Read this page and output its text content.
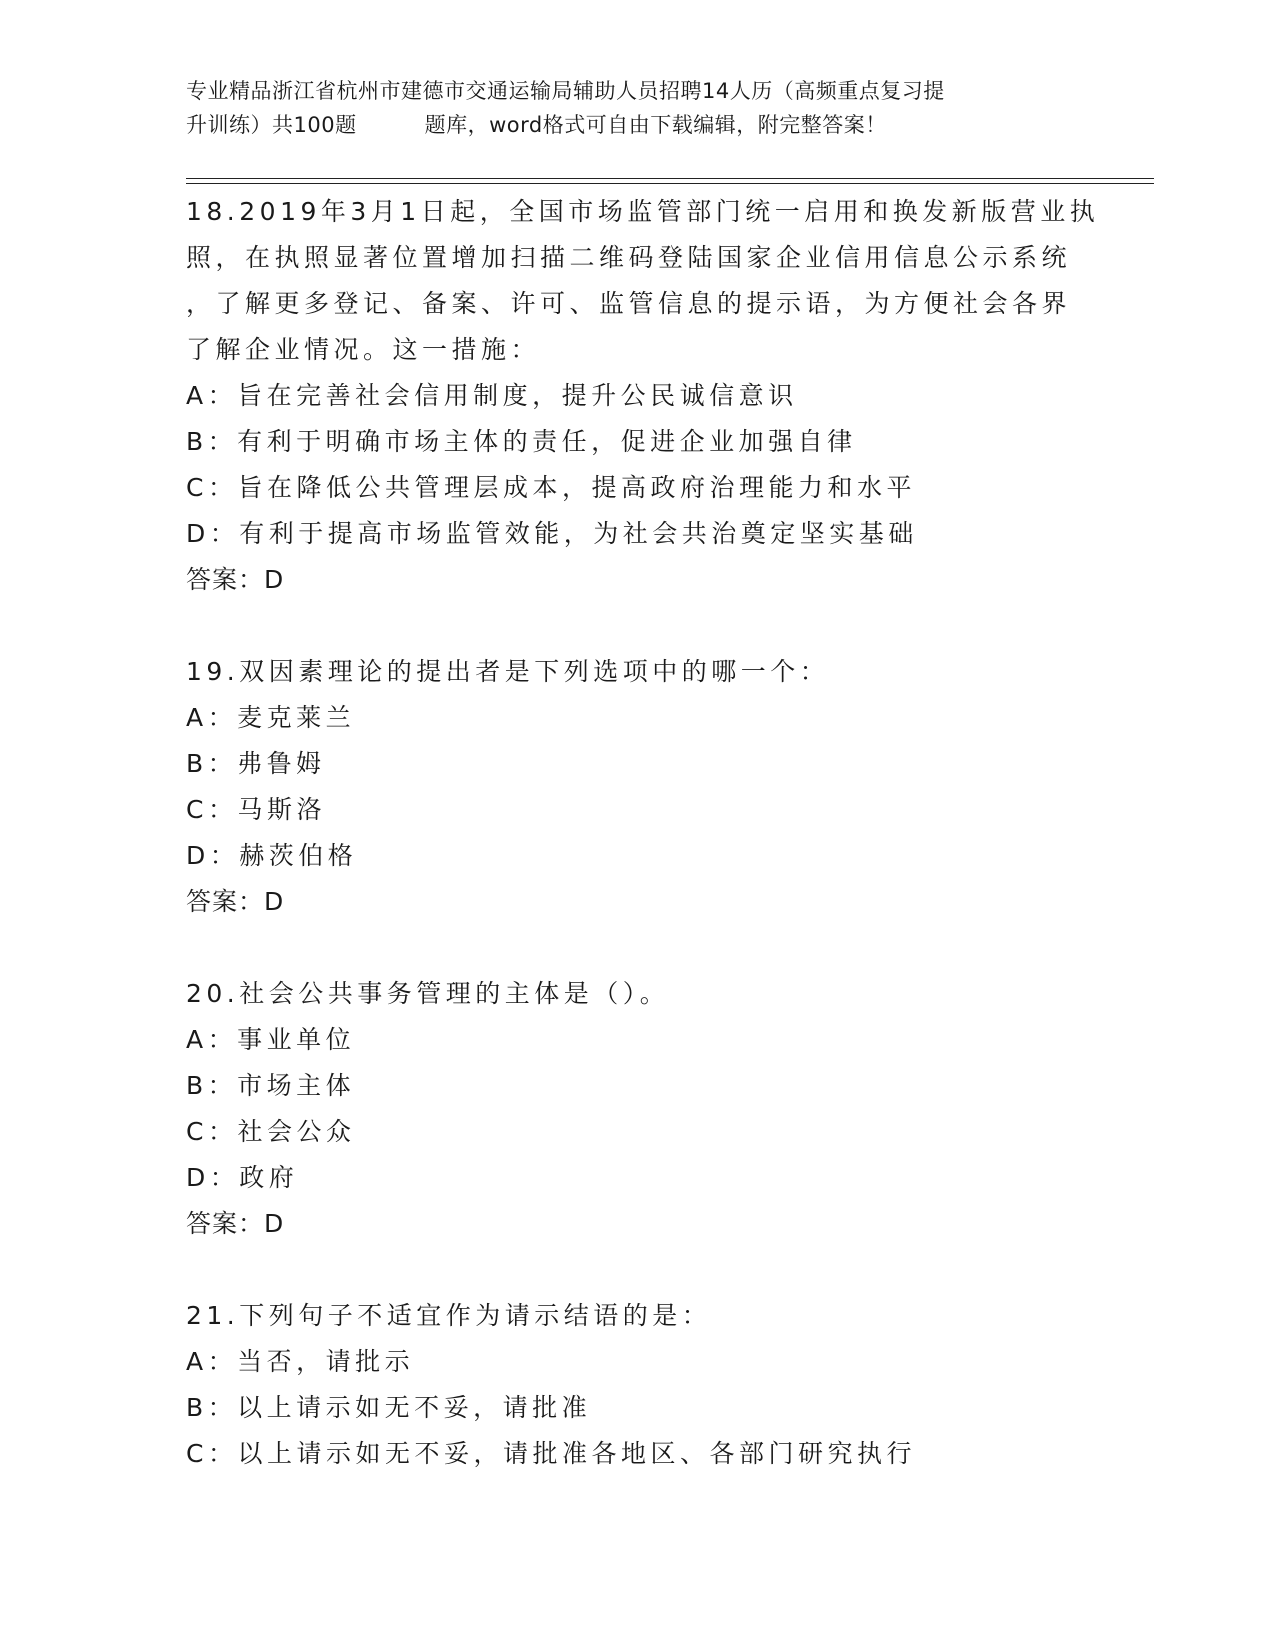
专业精品浙江省杭州市建德市交通运输局辅助人员招聘14人历（高频重点复习提
升训练）共100题	题库，word格式可自由下载编辑，附完整答案！
18.2019年3月1日起，全国市场监管部门统一启用和换发新版营业执
照，在执照显著位置增加扫描二维码登陆国家企业信用信息公示系统
，了解更多登记、备案、许可、监管信息的提示语，为方便社会各界
了解企业情况。这一措施：
A：旨在完善社会信用制度，提升公民诚信意识
B：有利于明确市场主体的责任，促进企业加强自律
C：旨在降低公共管理层成本，提高政府治理能力和水平
D：有利于提高市场监管效能，为社会共治奠定坚实基础
答案：D
19.双因素理论的提出者是下列选项中的哪一个：
A：麦克莱兰
B：弗鲁姆
C：马斯洛
D：赫茨伯格
答案：D
20.社会公共事务管理的主体是（）。
A：事业单位
B：市场主体
C：社会公众
D：政府
答案：D
21.下列句子不适宜作为请示结语的是：
A：当否，请批示
B：以上请示如无不妥，请批准
C：以上请示如无不妥，请批准各地区、各部门研究执行
